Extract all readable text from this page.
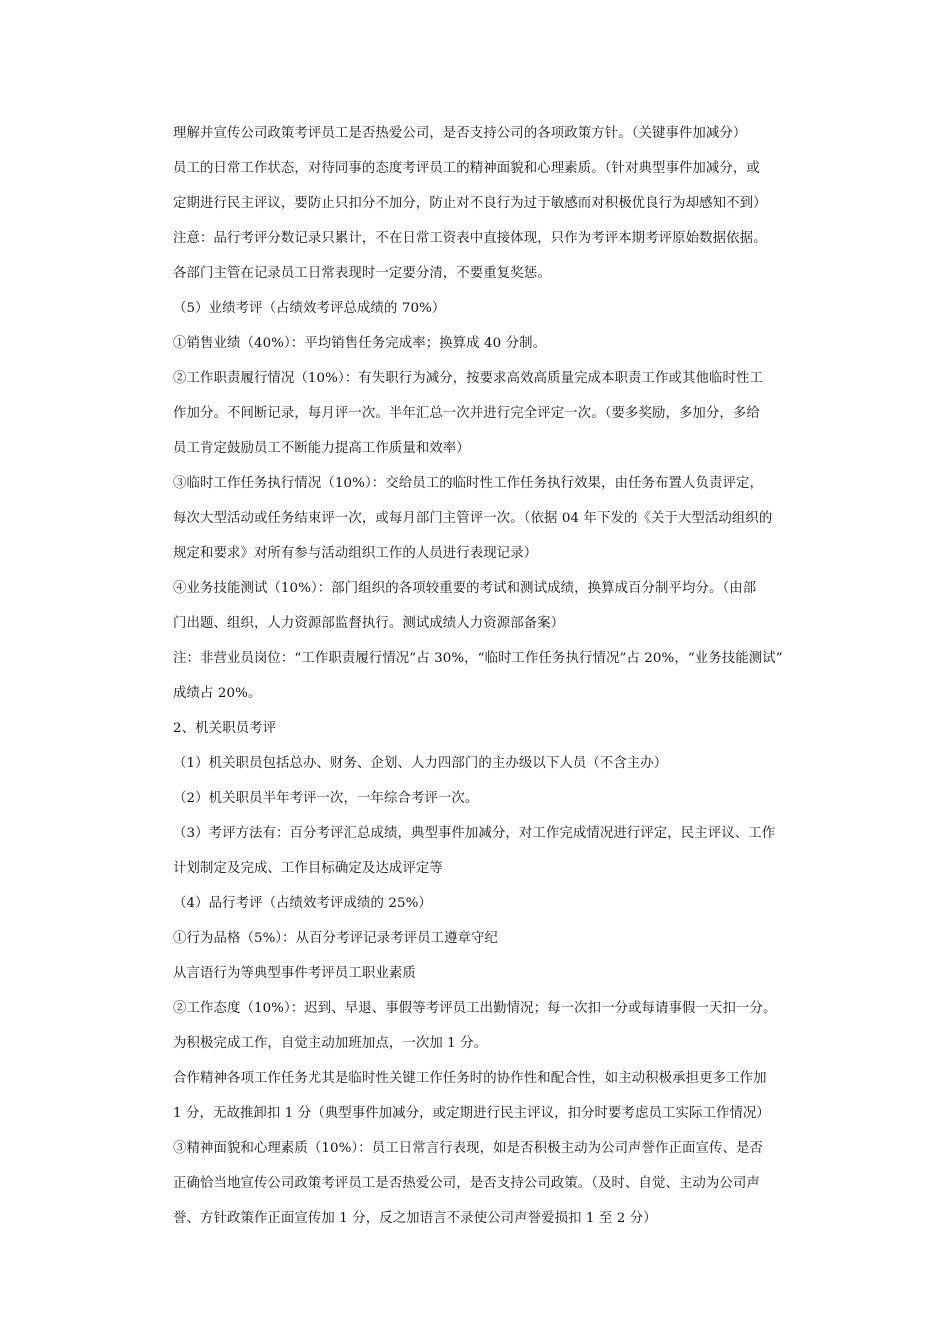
理解并宣传公司政策考评员工是否热爱公司，是否支持公司的各项政策方针。（关键事件加减分）
员工的日常工作状态，对待同事的态度考评员工的精神面貌和心理素质。（针对典型事件加减分，或
定期进行民主评议，要防止只扣分不加分，防止对不良行为过于敏感而对积极优良行为却感知不到）
注意：品行考评分数记录只累计，不在日常工资表中直接体现，只作为考评本期考评原始数据依据。
各部门主管在记录员工日常表现时一定要分清，不要重复奖惩。
（5）业绩考评（占绩效考评总成绩的 70%）
①销售业绩（40%）：平均销售任务完成率；换算成 40 分制。
②工作职责履行情况（10%）：有失职行为减分，按要求高效高质量完成本职责工作或其他临时性工
作加分。不间断记录，每月评一次。半年汇总一次并进行完全评定一次。（要多奖励，多加分，多给
员工肯定鼓励员工不断能力提高工作质量和效率）
③临时工作任务执行情况（10%）：交给员工的临时性工作任务执行效果，由任务布置人负责评定，
每次大型活动或任务结束评一次，或每月部门主管评一次。（依据 04 年下发的《关于大型活动组织的
规定和要求》对所有参与活动组织工作的人员进行表现记录）
④业务技能测试（10%）：部门组织的各项较重要的考试和测试成绩，换算成百分制平均分。（由部
门出题、组织，人力资源部监督执行。测试成绩人力资源部备案）
注：非营业员岗位：“工作职责履行情况”占 30%，“临时工作任务执行情况”占 20%，“业务技能测试”
成绩占 20%。
2、机关职员考评
（1）机关职员包括总办、财务、企划、人力四部门的主办级以下人员（不含主办）
（2）机关职员半年考评一次，一年综合考评一次。
（3）考评方法有：百分考评汇总成绩，典型事件加减分，对工作完成情况进行评定，民主评议、工作
计划制定及完成、工作目标确定及达成评定等
（4）品行考评（占绩效考评成绩的 25%）
①行为品格（5%）：从百分考评记录考评员工遵章守纪
从言语行为等典型事件考评员工职业素质
②工作态度（10%）：迟到、早退、事假等考评员工出勤情况；每一次扣一分或每请事假一天扣一分。
为积极完成工作，自觉主动加班加点，一次加 1 分。
合作精神各项工作任务尤其是临时性关键工作任务时的协作性和配合性，如主动积极承担更多工作加
1 分，无故推卸扣 1 分（典型事件加减分，或定期进行民主评议，扣分时要考虑员工实际工作情况）
③精神面貌和心理素质（10%）：员工日常言行表现，如是否积极主动为公司声誉作正面宣传、是否
正确恰当地宣传公司政策考评员工是否热爱公司，是否支持公司政策。（及时、自觉、主动为公司声
誉、方针政策作正面宣传加 1 分，反之加语言不录使公司声誉爱损扣 1 至 2 分）
